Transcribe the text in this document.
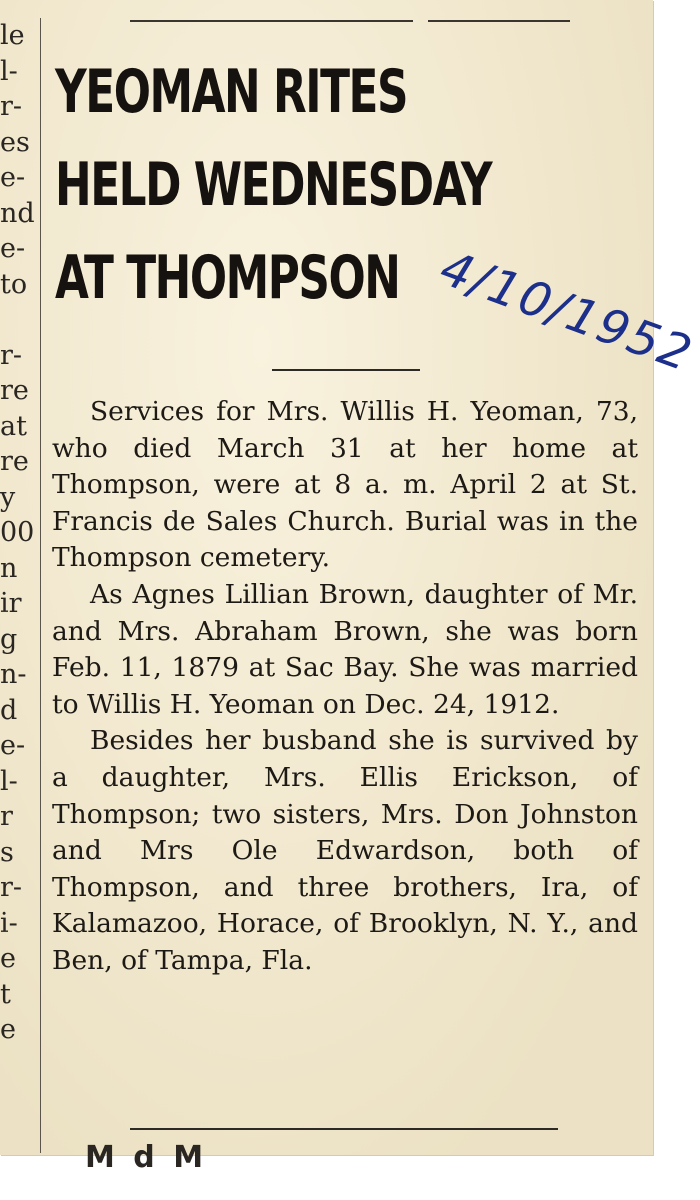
le
l-
r-
es
e-
nd
e-
to
r-
re
at
re
y
00
n
ir
g
n-
d
e-
l-
r
s
r-
i-
e
t
e
YEOMAN RITES
HELD WEDNESDAY
AT THOMPSON 4/10/1952

Services for Mrs. Willis H. Yeoman, 73, who died March 31 at her home at Thompson, were at 8 a. m. April 2 at St. Francis de Sales Church. Burial was in the Thompson cemetery.

As Agnes Lillian Brown, daughter of Mr. and Mrs. Abraham Brown, she was born Feb. 11, 1879 at Sac Bay. She was married to Willis H. Yeoman on Dec. 24, 1912.

Besides her busband she is survived by a daughter, Mrs. Ellis Erickson, of Thompson; two sisters, Mrs. Don Johnston and Mrs Ole Edwardson, both of Thompson, and three brothers, Ira, of Kalamazoo, Horace, of Brooklyn, N. Y., and Ben, of Tampa, Fla.

M d M
